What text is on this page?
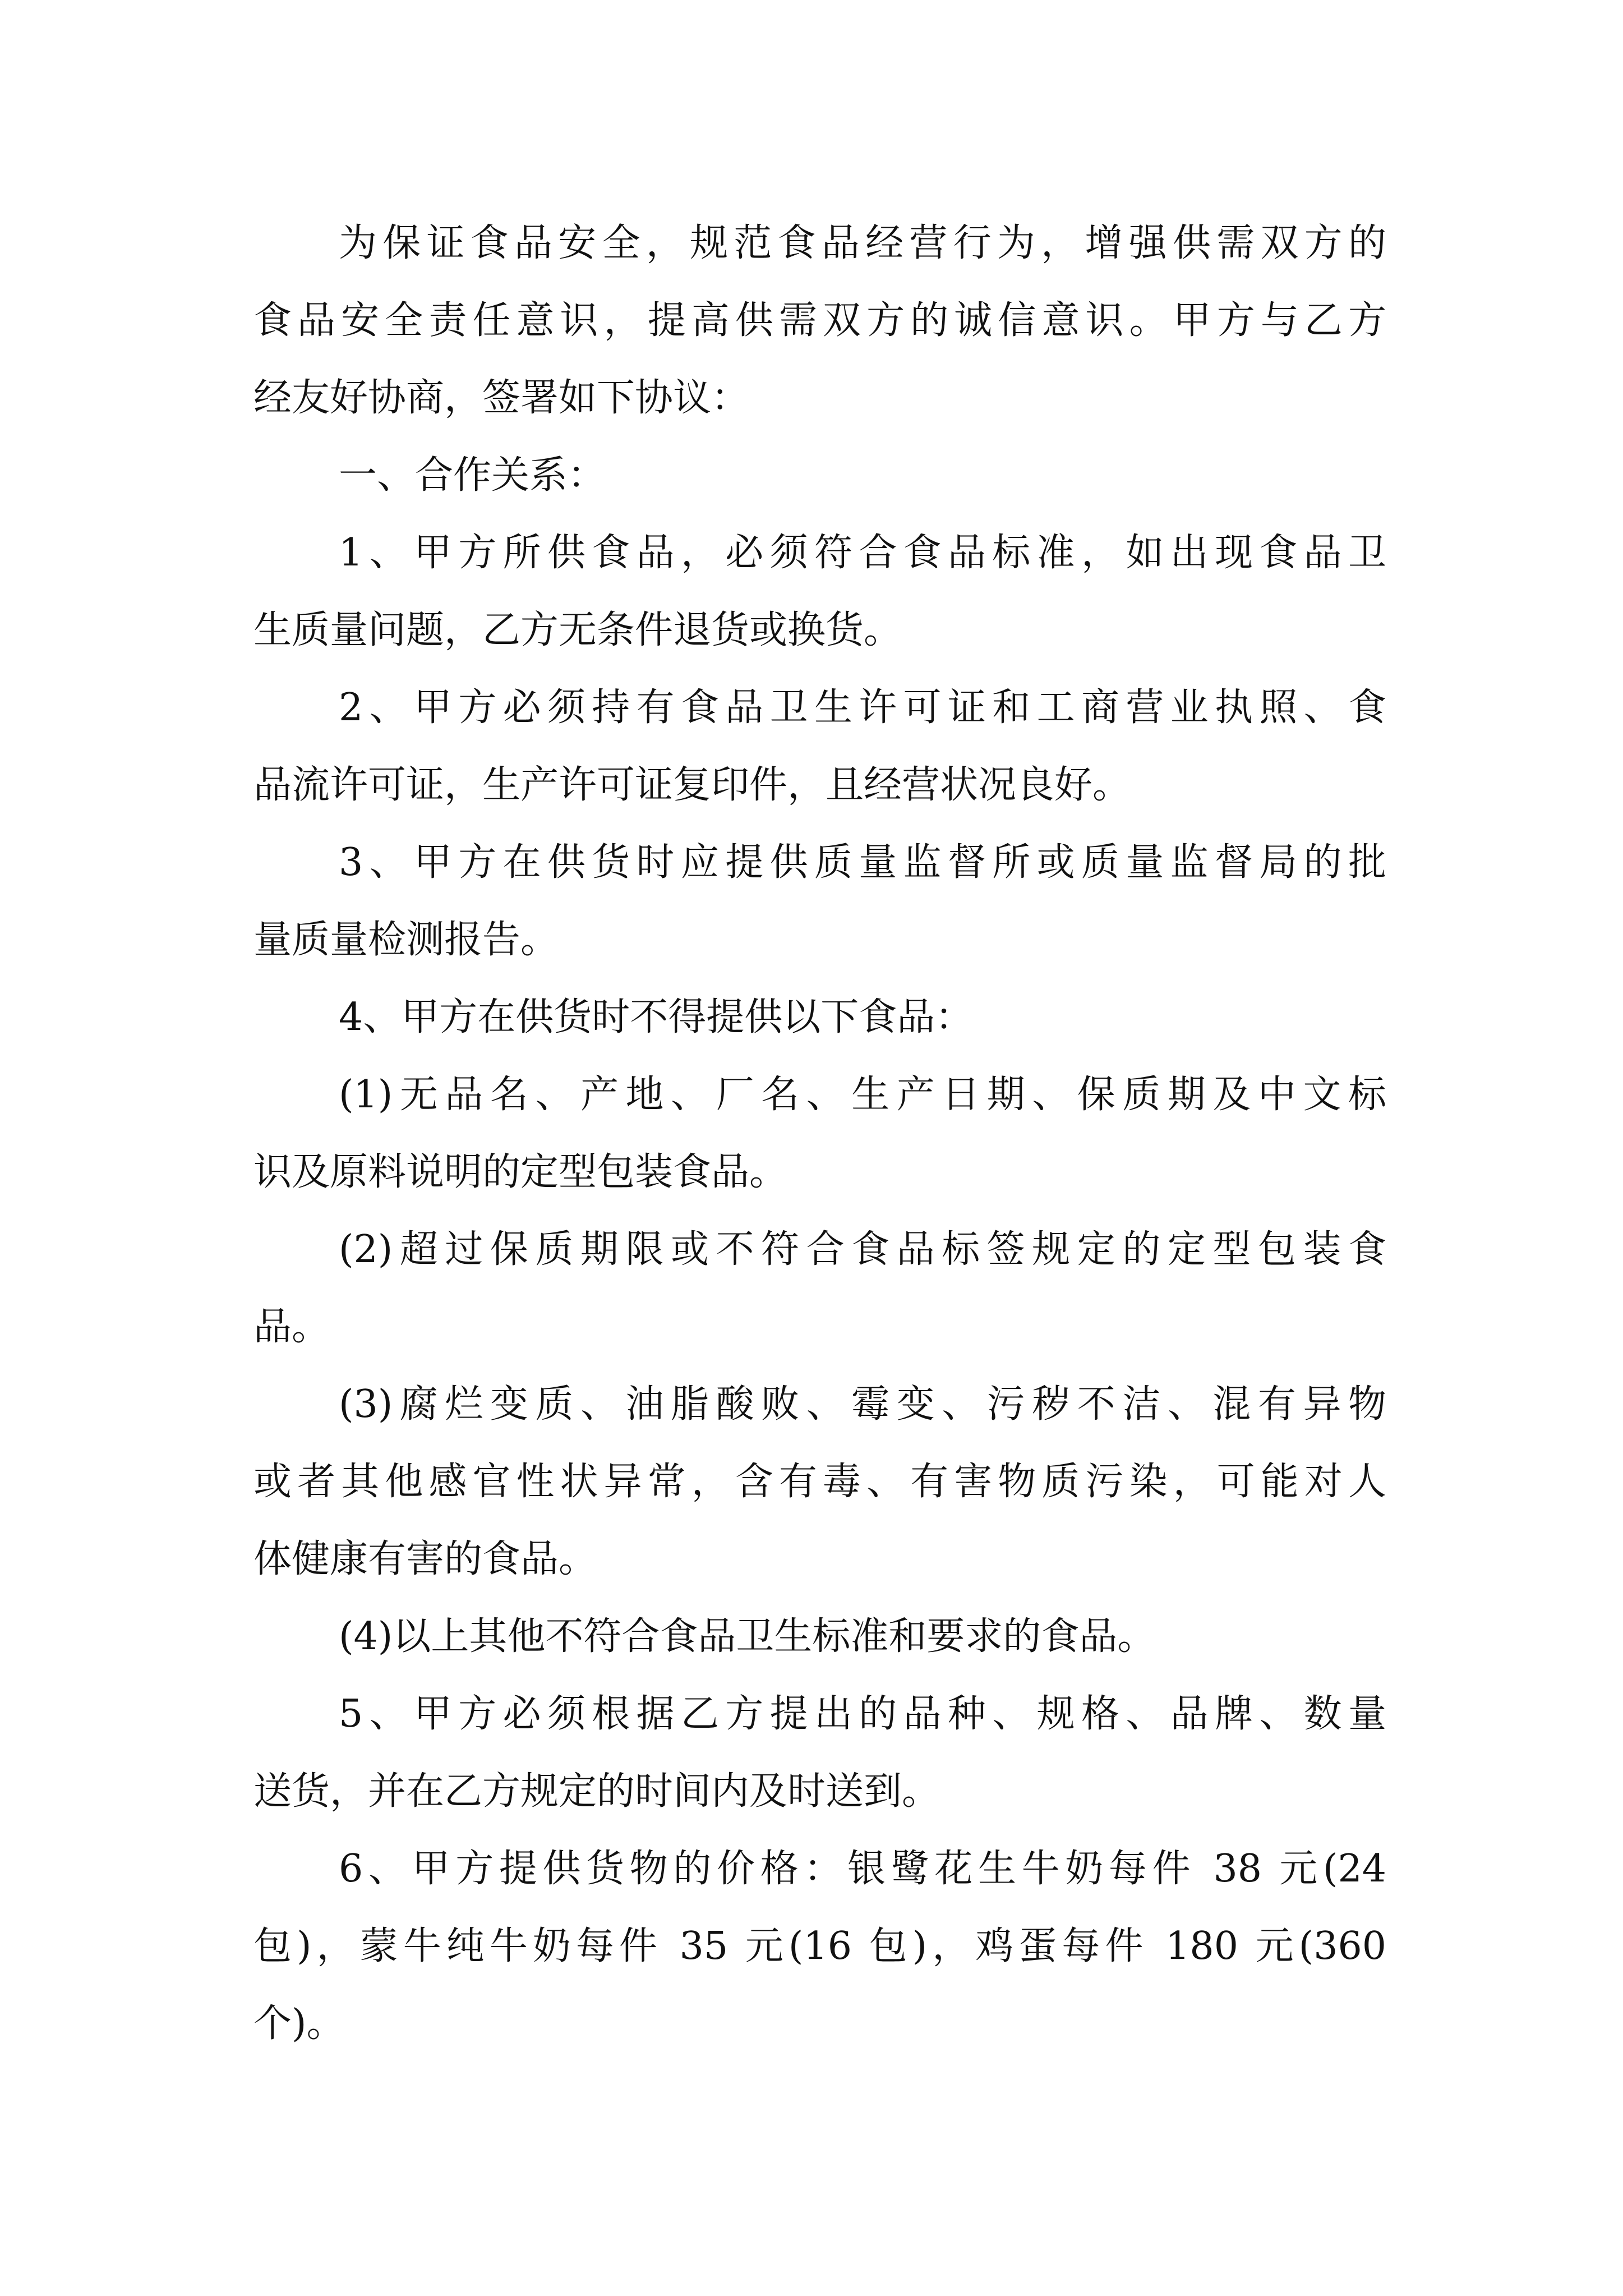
为保证食品安全，规范食品经营行为，增强供需双方的
食品安全责任意识，提高供需双方的诚信意识。甲方与乙方
经友好协商，签署如下协议：
一、合作关系：
1、甲方所供食品，必须符合食品标准，如出现食品卫
生质量问题，乙方无条件退货或换货。
2、甲方必须持有食品卫生许可证和工商营业执照、食
品流许可证，生产许可证复印件，且经营状况良好。
3、甲方在供货时应提供质量监督所或质量监督局的批
量质量检测报告。
4、甲方在供货时不得提供以下食品：
(1)无品名、产地、厂名、生产日期、保质期及中文标
识及原料说明的定型包装食品。
(2)超过保质期限或不符合食品标签规定的定型包装食
品。
(3)腐烂变质、油脂酸败、霉变、污秽不洁、混有异物
或者其他感官性状异常，含有毒、有害物质污染，可能对人
体健康有害的食品。
(4)以上其他不符合食品卫生标准和要求的食品。
5、甲方必须根据乙方提出的品种、规格、品牌、数量
送货，并在乙方规定的时间内及时送到。
6、甲方提供货物的价格：银鹭花生牛奶每件 38 元(24
包)，蒙牛纯牛奶每件 35 元(16 包)，鸡蛋每件 180 元(360
个)。
